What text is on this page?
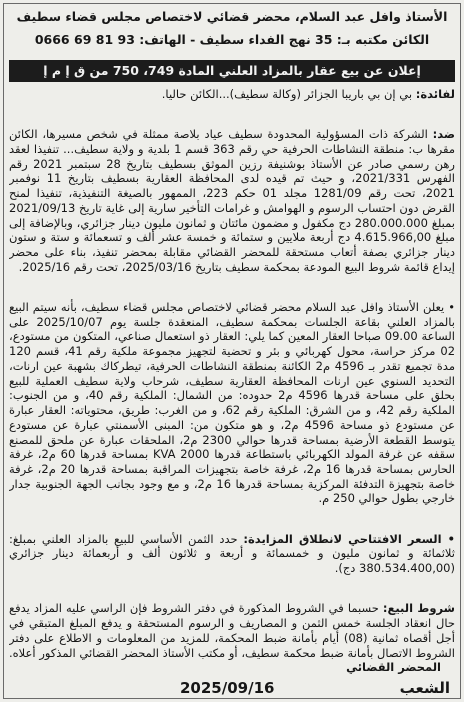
الأستاذ وافل عبد السلام، محضر قضائي لاختصاص مجلس قضاء سطيف
الكائن مكتبه بـ: 35 نهج الفداء سطيف - الهاتف: 93 81 69 0666
إعلان عن بيع عقار بالمزاد العلني المادة 749، 750 من ق إ م إ

لفائدة: بي إن بي باريبا الجزائر (وكالة سطيف)...الكائن حاليا.

ضد: الشركة ذات المسؤولية المحدودة سطيف عياد بلاصة ممثلة في شخص مسيرها، الكائن مقرها ب: منطقة النشاطات الحرفية حي رقم 363 قسم 1 بلدية و ولاية سطيف... تنفيذا لعقد رهن رسمي صادر عن الأستاذ بوشنيفة رزين الموثق بسطيف بتاريخ 28 سبتمبر 2021 رقم الفهرس 2021/331، و حيث تم قيده لدى المحافظة العقارية بسطيف بتاريخ 11 نوفمبر 2021، تحت رقم 1281/09 مجلد 01 حكم 223، الممهور بالصيغة التنفيذية، تنفيذا لمنح القرض دون احتساب الرسوم و الهوامش و غرامات التأخير سارية إلى غاية تاريخ 2021/09/13 بمبلغ 280.000.000 دج مكفول و مضمون مائتان و ثمانون مليون دينار جزائري، وبالإضافة إلى مبلغ 4.615.966,00 دج أربعة ملايين و ستمائة و خمسة عشر ألف و تسعمائة و ستة و ستون دينار جزائري بصفة أتعاب مستحقة للمحضر القضائي مقابلة بمحضر تنفيذ، بناء على محضر إيداع قائمة شروط البيع المودعة بمحكمة سطيف بتاريخ 2025/03/16، تحت رقم 2025/16.

• يعلن الأستاذ وافل عبد السلام محضر قضائي لاختصاص مجلس قضاء سطيف، بأنه سيتم البيع بالمزاد العلني بقاعة الجلسات بمحكمة سطيف، المنعقدة جلسة يوم 2025/10/07 على الساعة 09.00 صباحا العقار المعين كما يلي: العقار ذو استعمال صناعي، المتكون من مستودع، 02 مركز حراسة، محول كهربائي و بئر و تحضية لتجهيز مجموعة ملكية رقم 41، قسم 120 مدة تجميع تقدر بـ 4596 م2 الكائنة بمنطقة النشاطات الحرفية، تيطركاك بشهبة عين ارنات، التحديد السنوي عين ارنات المحافظة العقارية سطيف، شرحاب ولاية سطيف العملية للبيع بحلق على مساحة قدرها 4596 م2 حدوده: من الشمال: الملكية رقم 40، و من الجنوب: الملكية رقم 42، و من الشرق: الملكية رقم 62، و من الغرب: طريق، محتوياته: العقار عبارة عن مستودع ذو مساحة 4596 م2، و هو متكون من: المبنى الأسمنتي عبارة عن مستودع يتوسط القطعة الأرضية بمساحة قدرها حوالي 2300 م2، الملحقات عبارة عن ملحق للمصنع سقفه عن غرفة المولد الكهربائي باستطاعة قدرها KVA 2000 بمساحة قدرها 60 م2، غرفة الحارس بمساحة قدرها 16 م2، غرفة خاصة بتجهيزات المراقبة بمساحة قدرها 20 م2، غرفة خاصة بتجهيزة التدفئة المركزية بمساحة قدرها 16 م2، و مع وجود بجانب الجهة الجنوبية جدار خارجي بطول حوالي 250 م.

• السعر الافتتاحي لانطلاق المزايدة: حدد الثمن الأساسي للبيع بالمزاد العلني بمبلغ: ثلاثمائة و ثمانون مليون و خمسمائة و أربعة و ثلاثون ألف و أربعمائة دينار جزائري (380.534.400,00 دج).

شروط البيع: حسبما في الشروط المذكورة في دفتر الشروط فإن الراسي عليه المزاد يدفع حال انعقاد الجلسة خمس الثمن و المصاريف و الرسوم المستحقة و يدفع المبلغ المتبقي في أجل أقصاه ثمانية (08) أيام بأمانة ضبط المحكمة، للمزيد من المعلومات و الاطلاع على دفتر الشروط الاتصال بأمانة ضبط محكمة سطيف، أو مكتب الأستاذ المحضر القضائي المذكور أعلاه. المحضر القضائي

الشعب
2025/09/16
